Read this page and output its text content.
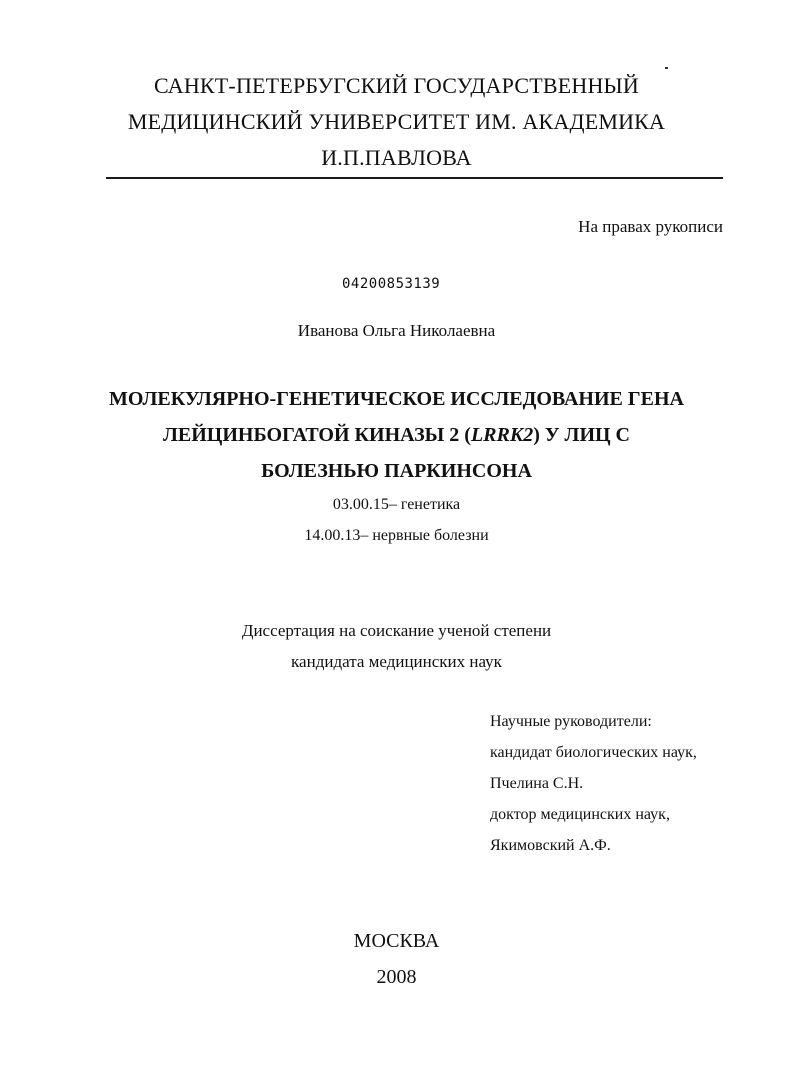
САНКТ-ПЕТЕРБУГСКИЙ ГОСУДАРСТВЕННЫЙ
МЕДИЦИНСКИЙ УНИВЕРСИТЕТ ИМ. АКАДЕМИКА
И.П.ПАВЛОВА
На правах рукописи
04200853139
Иванова Ольга Николаевна
МОЛЕКУЛЯРНО-ГЕНЕТИЧЕСКОЕ ИССЛЕДОВАНИЕ ГЕНА
ЛЕЙЦИНБОГАТОЙ КИНАЗЫ 2 (LRRK2) У ЛИЦ С
БОЛЕЗНЬЮ ПАРКИНСОНА
03.00.15– генетика
14.00.13– нервные болезни
Диссертация на соискание ученой степени
кандидата медицинских наук
Научные руководители:
кандидат биологических наук,
Пчелина С.Н.
доктор медицинских наук,
Якимовский А.Ф.
МОСКВА
2008
